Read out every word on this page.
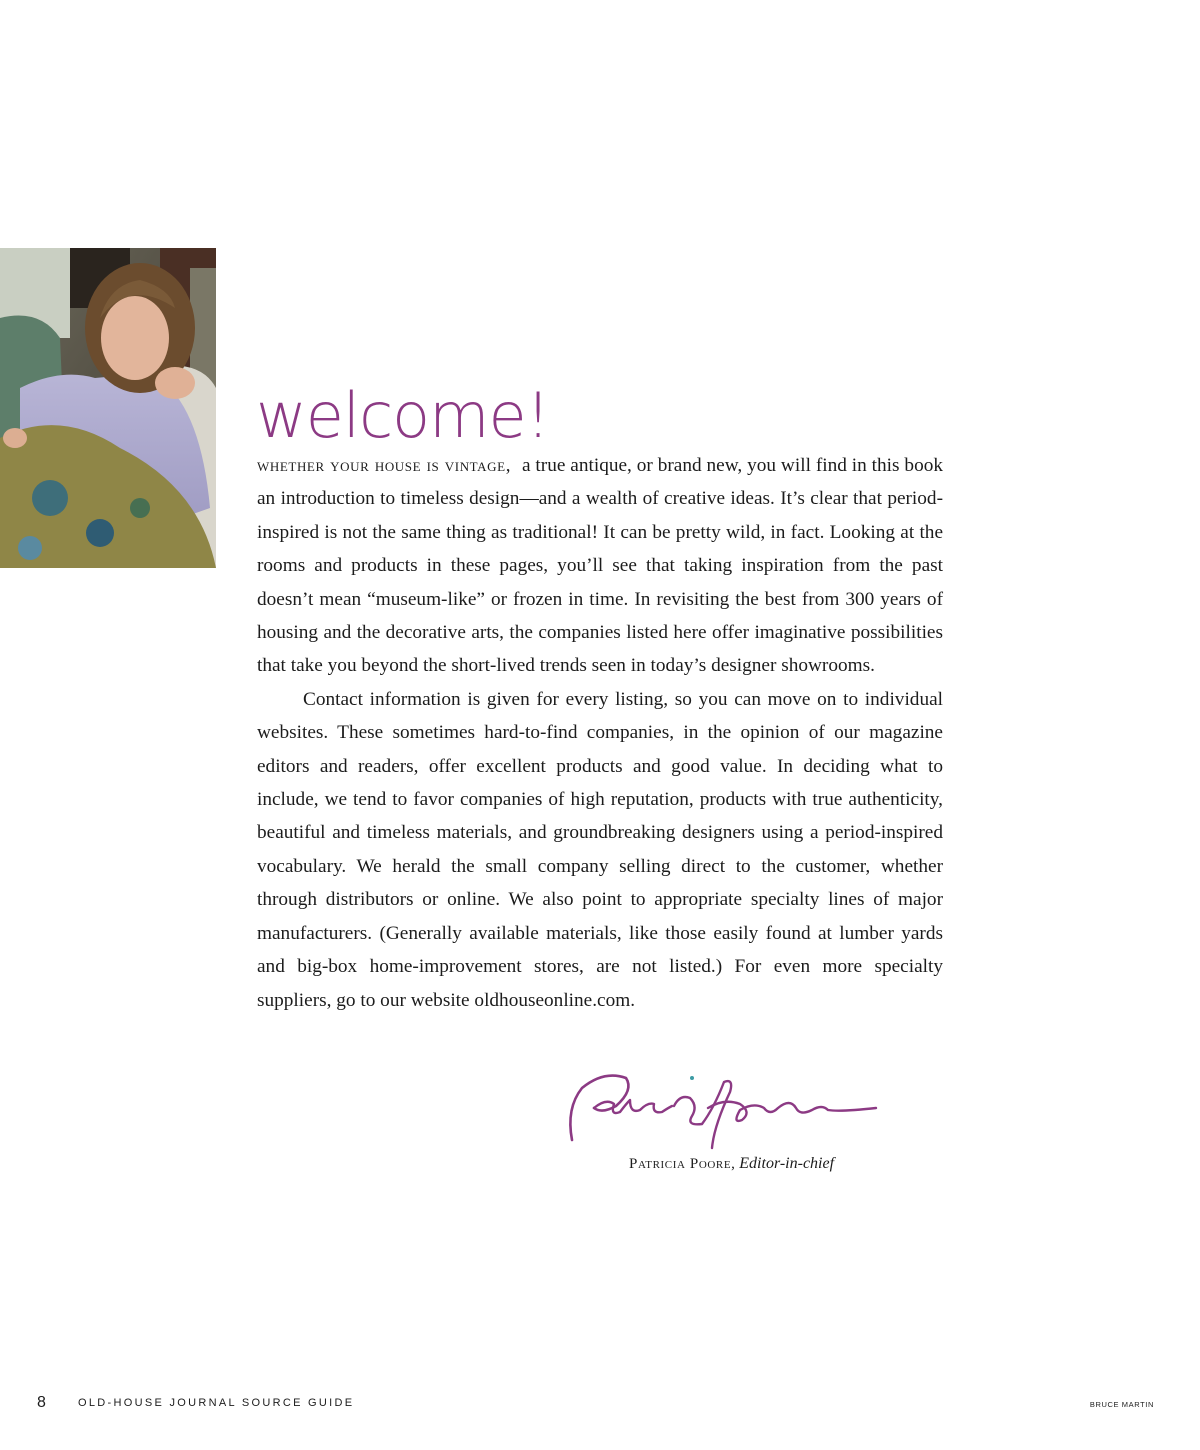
welcome!

whether your house is vintage, a true antique, or brand new, you will find in this book an introduction to timeless design—and a wealth of creative ideas. It’s clear that period-inspired is not the same thing as traditional! It can be pretty wild, in fact. Looking at the rooms and products in these pages, you’ll see that taking inspiration from the past doesn’t mean “museum-like” or frozen in time. In revisiting the best from 300 years of housing and the decorative arts, the companies listed here offer imaginative possibilities that take you beyond the short-lived trends seen in today’s designer showrooms.

Contact information is given for every listing, so you can move on to individual websites. These sometimes hard-to-find companies, in the opinion of our magazine editors and readers, offer excellent products and good value. In deciding what to include, we tend to favor companies of high reputation, products with true authenticity, beautiful and timeless materials, and groundbreaking designers using a period-inspired vocabulary. We herald the small company selling direct to the customer, whether through distributors or online. We also point to appropriate specialty lines of major manufacturers. (Generally available materials, like those easily found at lumber yards and big-box home-improvement stores, are not listed.) For even more specialty suppliers, go to our website oldhouseonline.com.

Patricia Poore, Editor-in-chief
8	OLD-HOUSE JOURNAL SOURCE GUIDE	BRUCE MARTIN
